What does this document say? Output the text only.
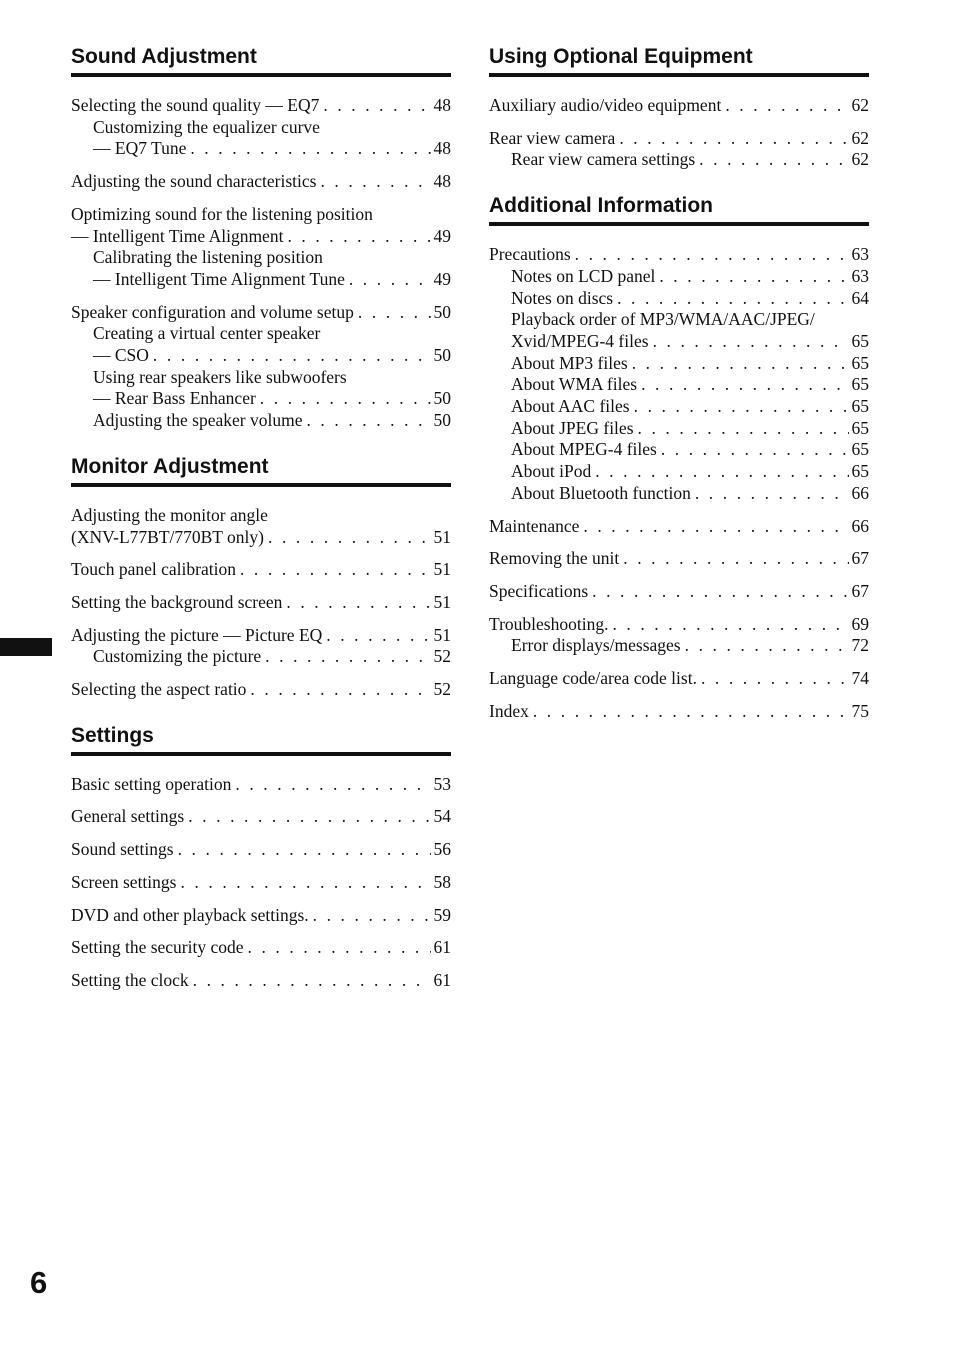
Sound Adjustment
Selecting the sound quality — EQ7 . . .	48
Customizing the equalizer curve
— EQ7 Tune . . .	48
Adjusting the sound characteristics . . .	48
Optimizing sound for the listening position
— Intelligent Time Alignment . . .	49
Calibrating the listening position
— Intelligent Time Alignment Tune . . .	49
Speaker configuration and volume setup . . .	50
Creating a virtual center speaker
— CSO . . .	50
Using rear speakers like subwoofers
— Rear Bass Enhancer . . .	50
Adjusting the speaker volume . . .	50
Monitor Adjustment
Adjusting the monitor angle
(XNV-L77BT/770BT only) . . .	51
Touch panel calibration . . .	51
Setting the background screen . . .	51
Adjusting the picture — Picture EQ . . .	51
Customizing the picture . . .	52
Selecting the aspect ratio . . .	52
Settings
Basic setting operation . . .	53
General settings . . .	54
Sound settings . . .	56
Screen settings . . .	58
DVD and other playback settings. . . .	59
Setting the security code . . .	61
Setting the clock . . .	61
Using Optional Equipment
Auxiliary audio/video equipment . . .	62
Rear view camera . . .	62
Rear view camera settings . . .	62
Additional Information
Precautions . . .	63
Notes on LCD panel . . .	63
Notes on discs . . .	64
Playback order of MP3/WMA/AAC/JPEG/
Xvid/MPEG-4 files . . .	65
About MP3 files . . .	65
About WMA files . . .	65
About AAC files . . .	65
About JPEG files . . .	65
About MPEG-4 files . . .	65
About iPod . . .	65
About Bluetooth function . . .	66
Maintenance . . .	66
Removing the unit . . .	67
Specifications . . .	67
Troubleshooting. . . .	69
Error displays/messages . . .	72
Language code/area code list. . . .	74
Index . . .	75
6
